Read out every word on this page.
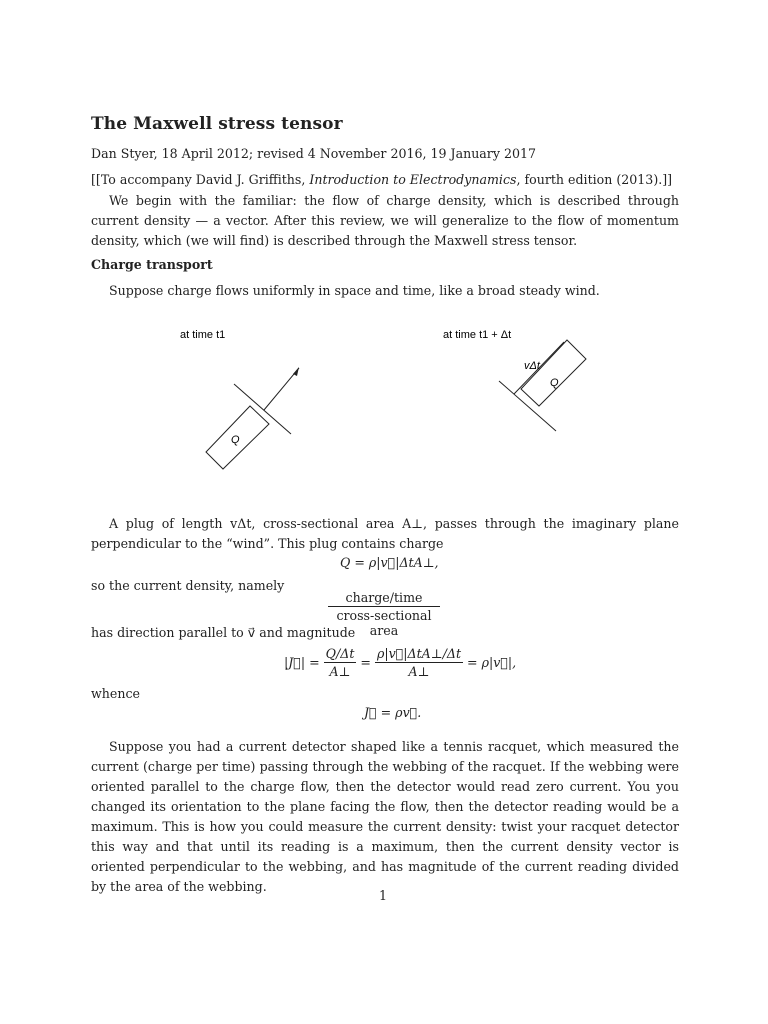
The Maxwell stress tensor
Dan Styer, 18 April 2012; revised 4 November 2016, 19 January 2017
[[To accompany David J. Griffiths, Introduction to Electrodynamics, fourth edition (2013).]]
We begin with the familiar: the flow of charge density, which is described through current density — a vector. After this review, we will generalize to the flow of momentum density, which (we will find) is described through the Maxwell stress tensor.
Charge transport
Suppose charge flows uniformly in space and time, like a broad steady wind.
at time t1	at time t1 + Δt
Q
vΔt
Q
A plug of length vΔt, cross-sectional area A⊥, passes through the imaginary plane perpendicular to the “wind”. This plug contains charge
Q = ρ|v⃗|ΔtA⊥,
so the current density, namely
charge/time
cross-sectional area
has direction parallel to v⃗ and magnitude
|J⃗| = $\frac{Q/\Delta t}{A\perp} = \frac{\text{ρ|v⃗|ΔtA⊥/Δt}}{A\perp}$ = ρ|v⃗|,
whence
J⃗ = ρv⃗.
Suppose you had a current detector shaped like a tennis racquet, which measured the current (charge per time) passing through the webbing of the racquet. If the webbing were oriented parallel to the charge flow, then the detector would read zero current. You you changed its orientation to the plane facing the flow, then the detector reading would be a maximum. This is how you could measure the current density: twist your racquet detector this way and that until its reading is a maximum, then the current density vector is oriented perpendicular to the webbing, and has magnitude of the current reading divided by the area of the webbing.
1
